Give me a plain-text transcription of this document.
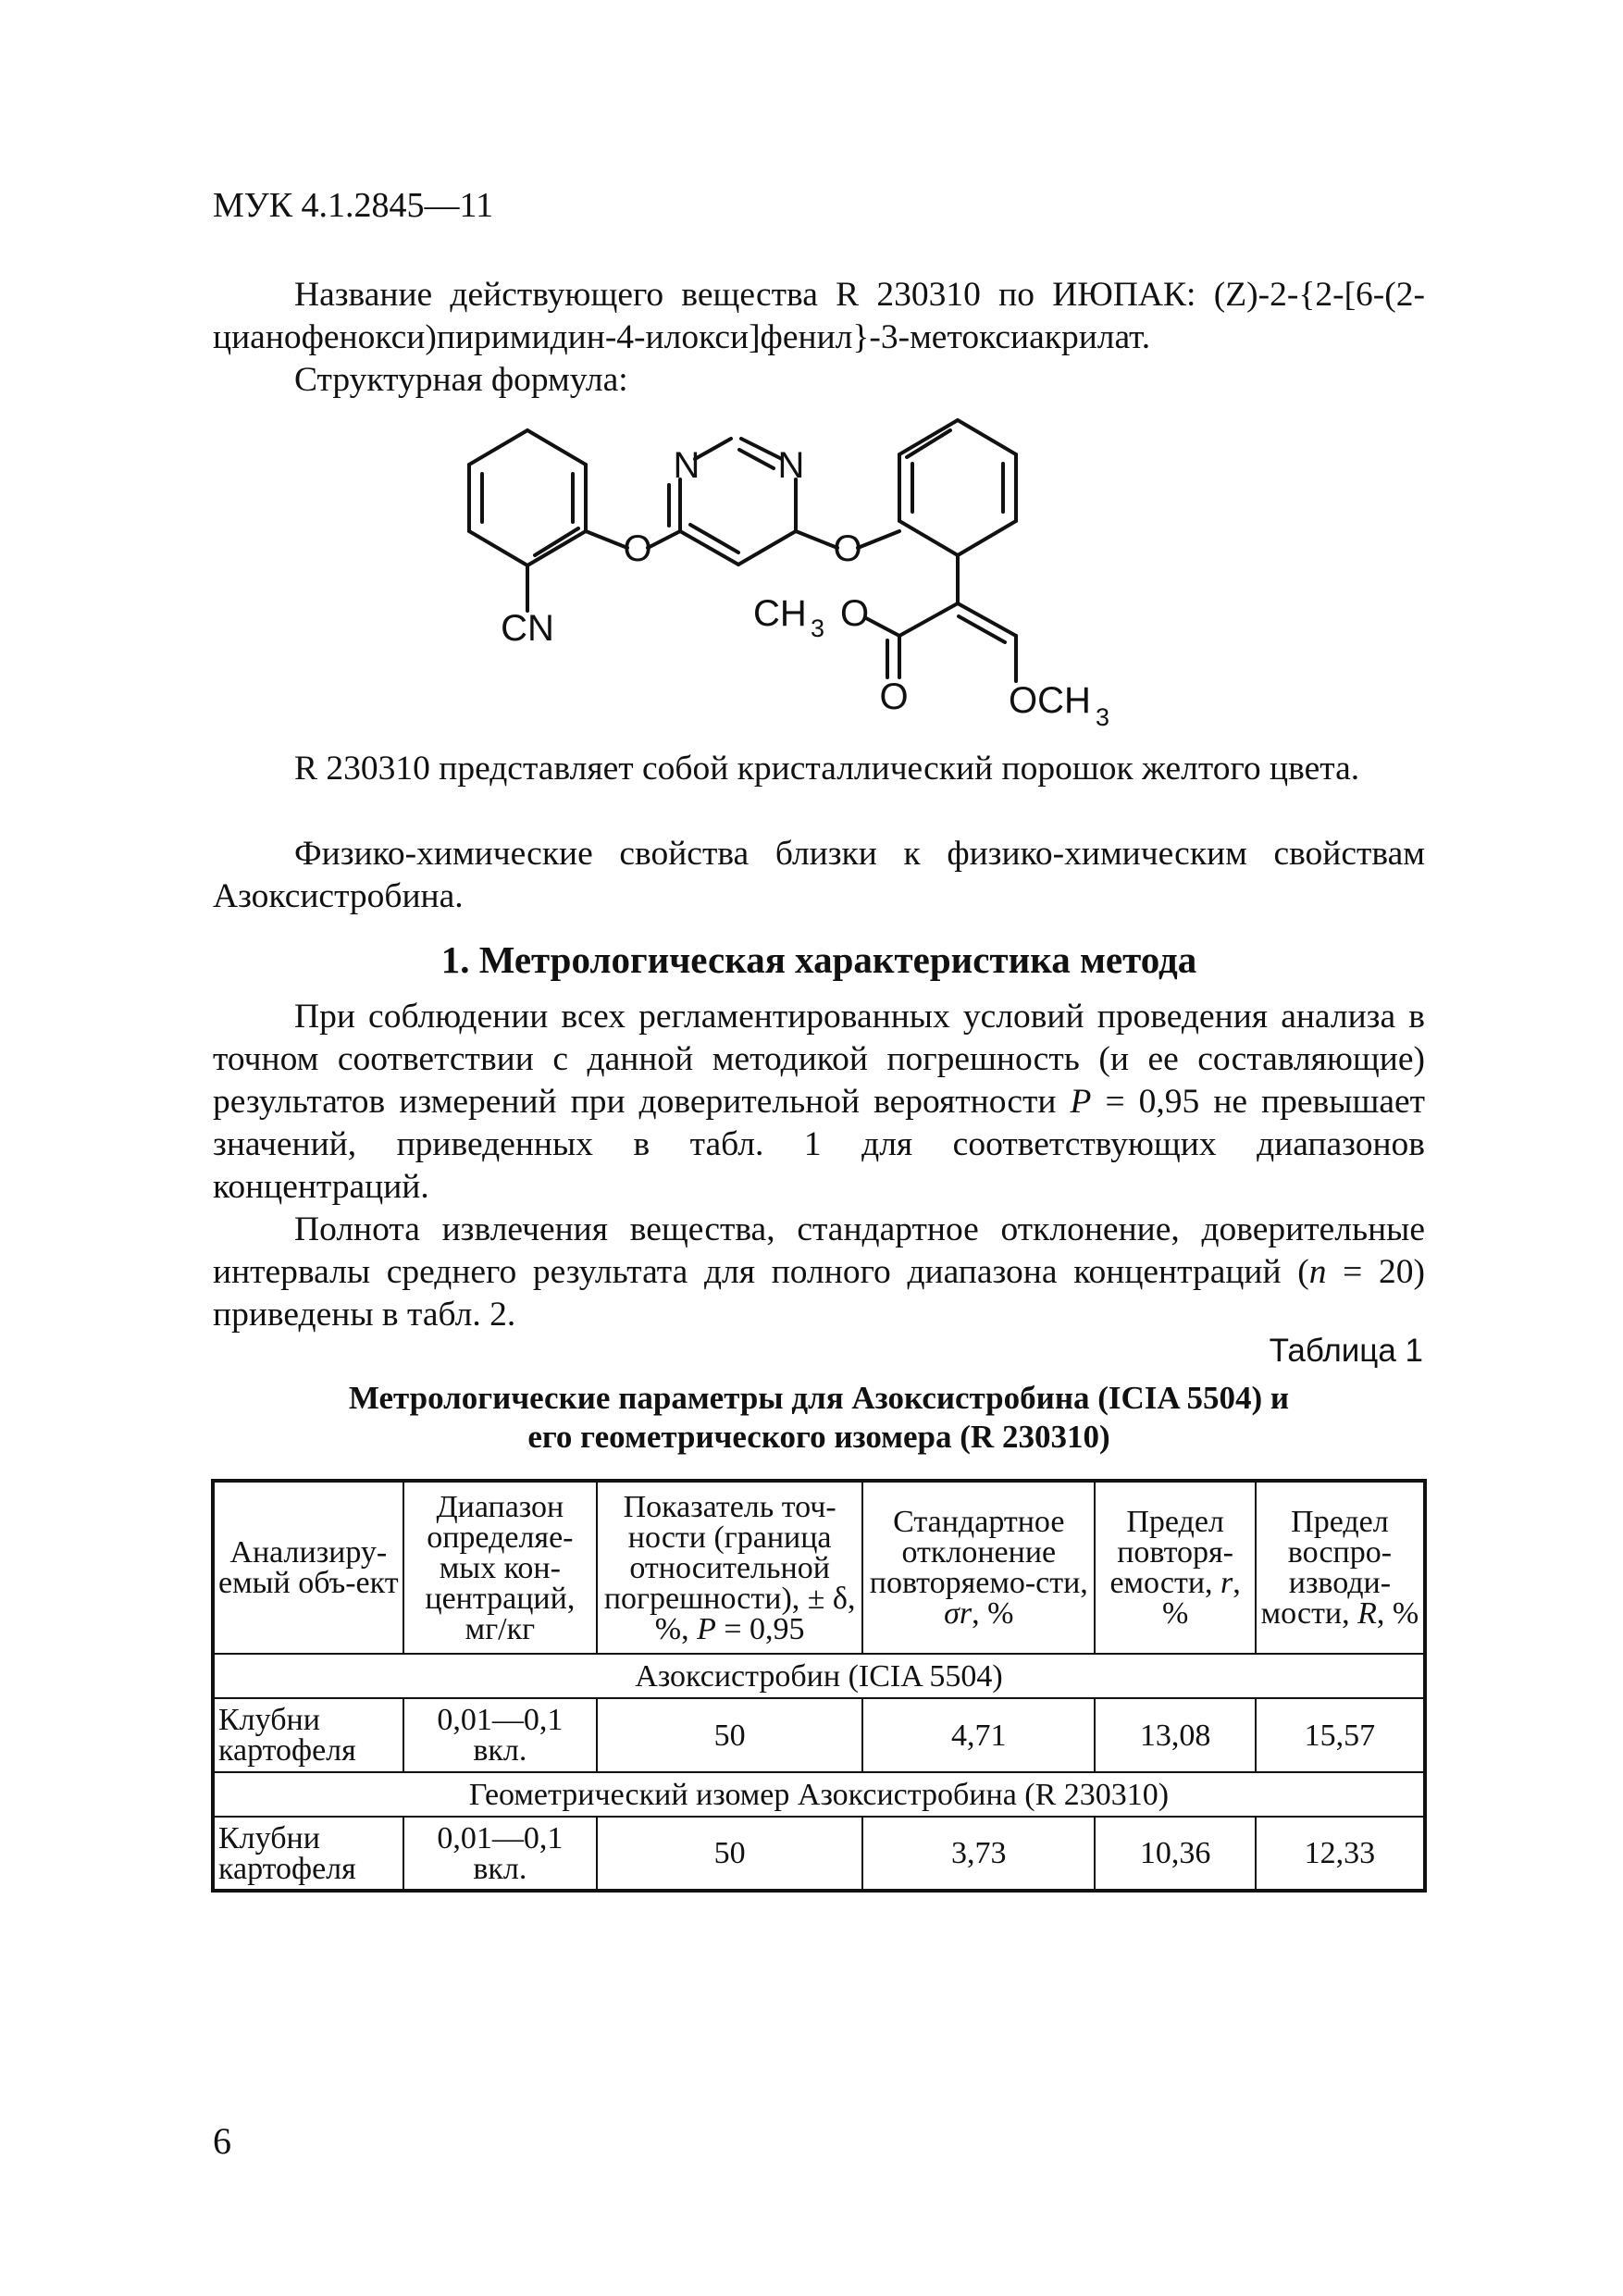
МУК 4.1.2845—11
Название действующего вещества R 230310 по ИЮПАК: (Z)-2-{2-[6-(2-цианофенокси)пиримидин-4-илокси]фенил}-3-метоксиакрилат.
Структурная формула:
CN
O	O
N N
CH 3 O
O	OCH 3
R 230310 представляет собой кристаллический порошок желтого цвета.
Физико-химические свойства близки к физико-химическим свойствам Азоксистробина.
1. Метрологическая характеристика метода
При соблюдении всех регламентированных условий проведения анализа в точном соответствии с данной методикой погрешность (и ее составляющие) результатов измерений при доверительной вероятности P = 0,95 не превышает значений, приведенных в табл. 1 для соответствующих диапазонов концентраций.
Полнота извлечения вещества, стандартное отклонение, доверительные интервалы среднего результата для полного диапазона концентраций (n = 20) приведены в табл. 2.
Таблица 1
Метрологические параметры для Азоксистробина (ICIA 5504) и
его геометрического изомера (R 230310)
Анализиру-емый объ-ект	Диапазон определяе-мых кон-центраций, мг/кг	Показатель точ-ности (граница относительной погрешности), ± δ, %, P = 0,95	Стандартное отклонение повторяемо-сти, σr, %	Предел повторя-емости, r, %	Предел воспро-изводи-мости, R, %
Азоксистробин (ICIA 5504)					
Клубни картофеля	0,01—0,1 вкл.	50	4,71	13,08	15,57
Геометрический изомер Азоксистробина (R 230310)					
Клубни картофеля	0,01—0,1 вкл.	50	3,73	10,36	12,33
6
